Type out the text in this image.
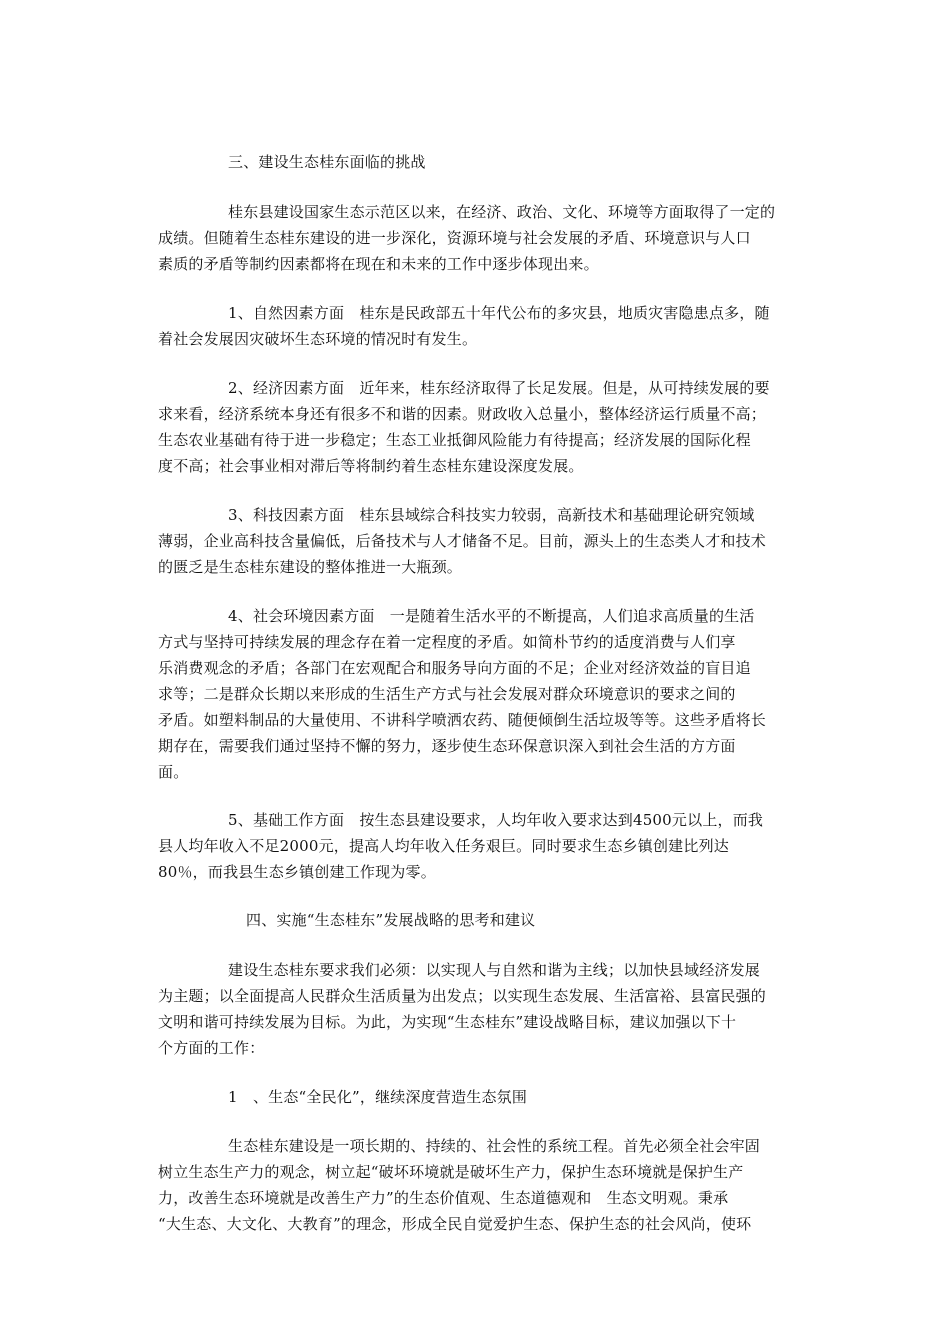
三、建设生态桂东面临的挑战
桂东县建设国家生态示范区以来，在经济、政治、文化、环境等方面取得了一定的
成绩。但随着生态桂东建设的进一步深化，资源环境与社会发展的矛盾、环境意识与人口
素质的矛盾等制约因素都将在现在和未来的工作中逐步体现出来。
1、自然因素方面　桂东是民政部五十年代公布的多灾县，地质灾害隐患点多，随
着社会发展因灾破坏生态环境的情况时有发生。
2、经济因素方面　近年来，桂东经济取得了长足发展。但是，从可持续发展的要
求来看，经济系统本身还有很多不和谐的因素。财政收入总量小，整体经济运行质量不高；
生态农业基础有待于进一步稳定；生态工业抵御风险能力有待提高；经济发展的国际化程
度不高；社会事业相对滞后等将制约着生态桂东建设深度发展。
3、科技因素方面　桂东县域综合科技实力较弱，高新技术和基础理论研究领域
薄弱，企业高科技含量偏低，后备技术与人才储备不足。目前，源头上的生态类人才和技术
的匮乏是生态桂东建设的整体推进一大瓶颈。
4、社会环境因素方面　一是随着生活水平的不断提高，人们追求高质量的生活
方式与坚持可持续发展的理念存在着一定程度的矛盾。如简朴节约的适度消费与人们享
乐消费观念的矛盾；各部门在宏观配合和服务导向方面的不足；企业对经济效益的盲目追
求等；二是群众长期以来形成的生活生产方式与社会发展对群众环境意识的要求之间的
矛盾。如塑料制品的大量使用、不讲科学喷洒农药、随便倾倒生活垃圾等等。这些矛盾将长
期存在，需要我们通过坚持不懈的努力，逐步使生态环保意识深入到社会生活的方方面
面。
5、基础工作方面　按生态县建设要求，人均年收入要求达到4500元以上，而我
县人均年收入不足2000元，提高人均年收入任务艰巨。同时要求生态乡镇创建比列达
80％，而我县生态乡镇创建工作现为零。
四、实施“生态桂东”发展战略的思考和建议
建设生态桂东要求我们必须：以实现人与自然和谐为主线；以加快县域经济发展
为主题；以全面提高人民群众生活质量为出发点；以实现生态发展、生活富裕、县富民强的
文明和谐可持续发展为目标。为此，为实现“生态桂东”建设战略目标，建议加强以下十
个方面的工作：
1　、生态“全民化”，继续深度营造生态氛围
生态桂东建设是一项长期的、持续的、社会性的系统工程。首先必须全社会牢固
树立生态生产力的观念，树立起“破坏环境就是破坏生产力，保护生态环境就是保护生产
力，改善生态环境就是改善生产力”的生态价值观、生态道德观和　生态文明观。秉承
“大生态、大文化、大教育”的理念，形成全民自觉爱护生态、保护生态的社会风尚，使环
